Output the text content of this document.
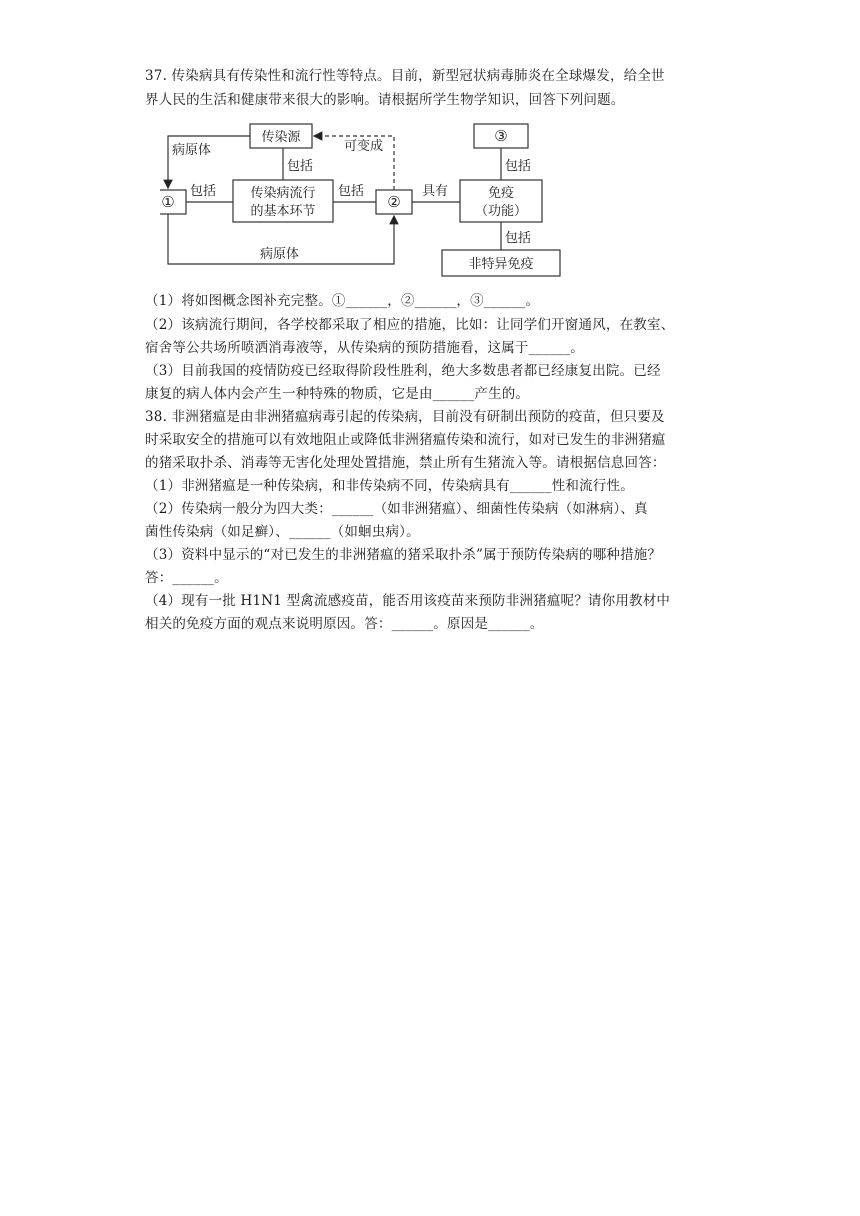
37. 传染病具有传染性和流行性等特点。目前，新型冠状病毒肺炎在全球爆发，给全世
界人民的生活和健康带来很大的影响。请根据所学生物学知识，回答下列问题。
传染源
①	传染病流行
的基本环节
②
③
免疫
（功能）
非特异免疫
病原体
包括
包括	包括
可变成
病原体
具有
包括
包括
（1）将如图概念图补充完整。①______，②______，③______。
（2）该病流行期间，各学校都采取了相应的措施，比如：让同学们开窗通风，在教室、
宿舍等公共场所喷洒消毒液等，从传染病的预防措施看，这属于______。
（3）目前我国的疫情防疫已经取得阶段性胜利，绝大多数患者都已经康复出院。已经
康复的病人体内会产生一种特殊的物质，它是由______产生的。
38. 非洲猪瘟是由非洲猪瘟病毒引起的传染病，目前没有研制出预防的疫苗，但只要及
时采取安全的措施可以有效地阻止或降低非洲猪瘟传染和流行，如对已发生的非洲猪瘟
的猪采取扑杀、消毒等无害化处理处置措施，禁止所有生猪流入等。请根据信息回答：
（1）非洲猪瘟是一种传染病，和非传染病不同，传染病具有______性和流行性。
（2）传染病一般分为四大类：______（如非洲猪瘟）、细菌性传染病（如淋病）、真
菌性传染病（如足癣）、______（如蛔虫病）。
（3）资料中显示的“对已发生的非洲猪瘟的猪采取扑杀”属于预防传染病的哪种措施？
答：______。
（4）现有一批 H1N1 型禽流感疫苗，能否用该疫苗来预防非洲猪瘟呢？请你用教材中
相关的免疫方面的观点来说明原因。答：______。原因是______。
